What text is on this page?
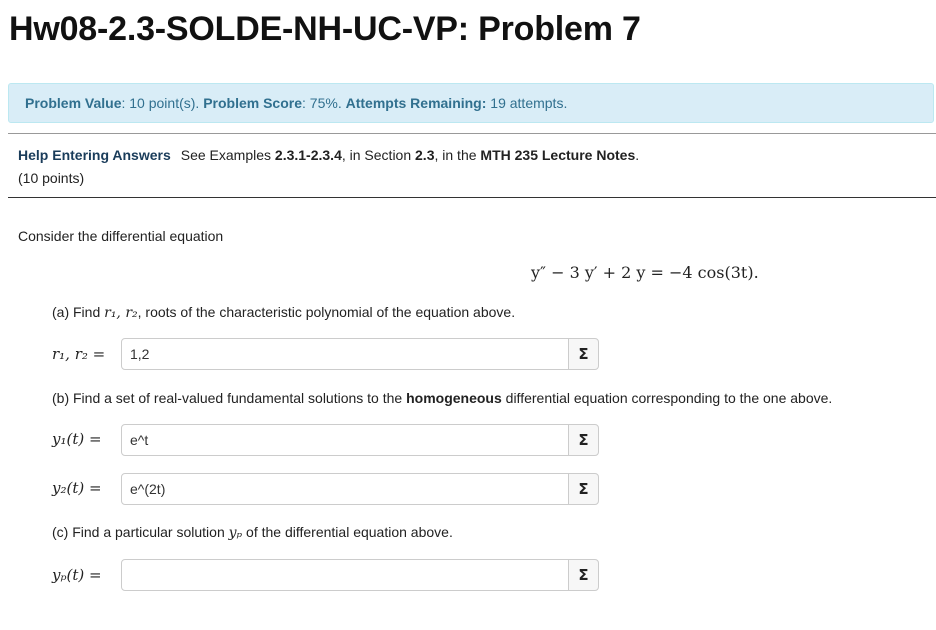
Hw08-2.3-SOLDE-NH-UC-VP: Problem 7
Problem Value: 10 point(s). Problem Score: 75%. Attempts Remaining: 19 attempts.
Help Entering Answers See Examples 2.3.1-2.3.4, in Section 2.3, in the MTH 235 Lecture Notes.
(10 points)
Consider the differential equation
y″ − 3 y′ + 2 y = −4 cos(3t).
(a) Find r₁, r₂, roots of the characteristic polynomial of the equation above.
r₁, r₂ =
1,2	Σ
(b) Find a set of real-valued fundamental solutions to the homogeneous differential equation corresponding to the one above.
y₁(t) =
e^t	Σ
y₂(t) =
e^(2t)	Σ
(c) Find a particular solution yₚ of the differential equation above.
yₚ(t) =	Σ
